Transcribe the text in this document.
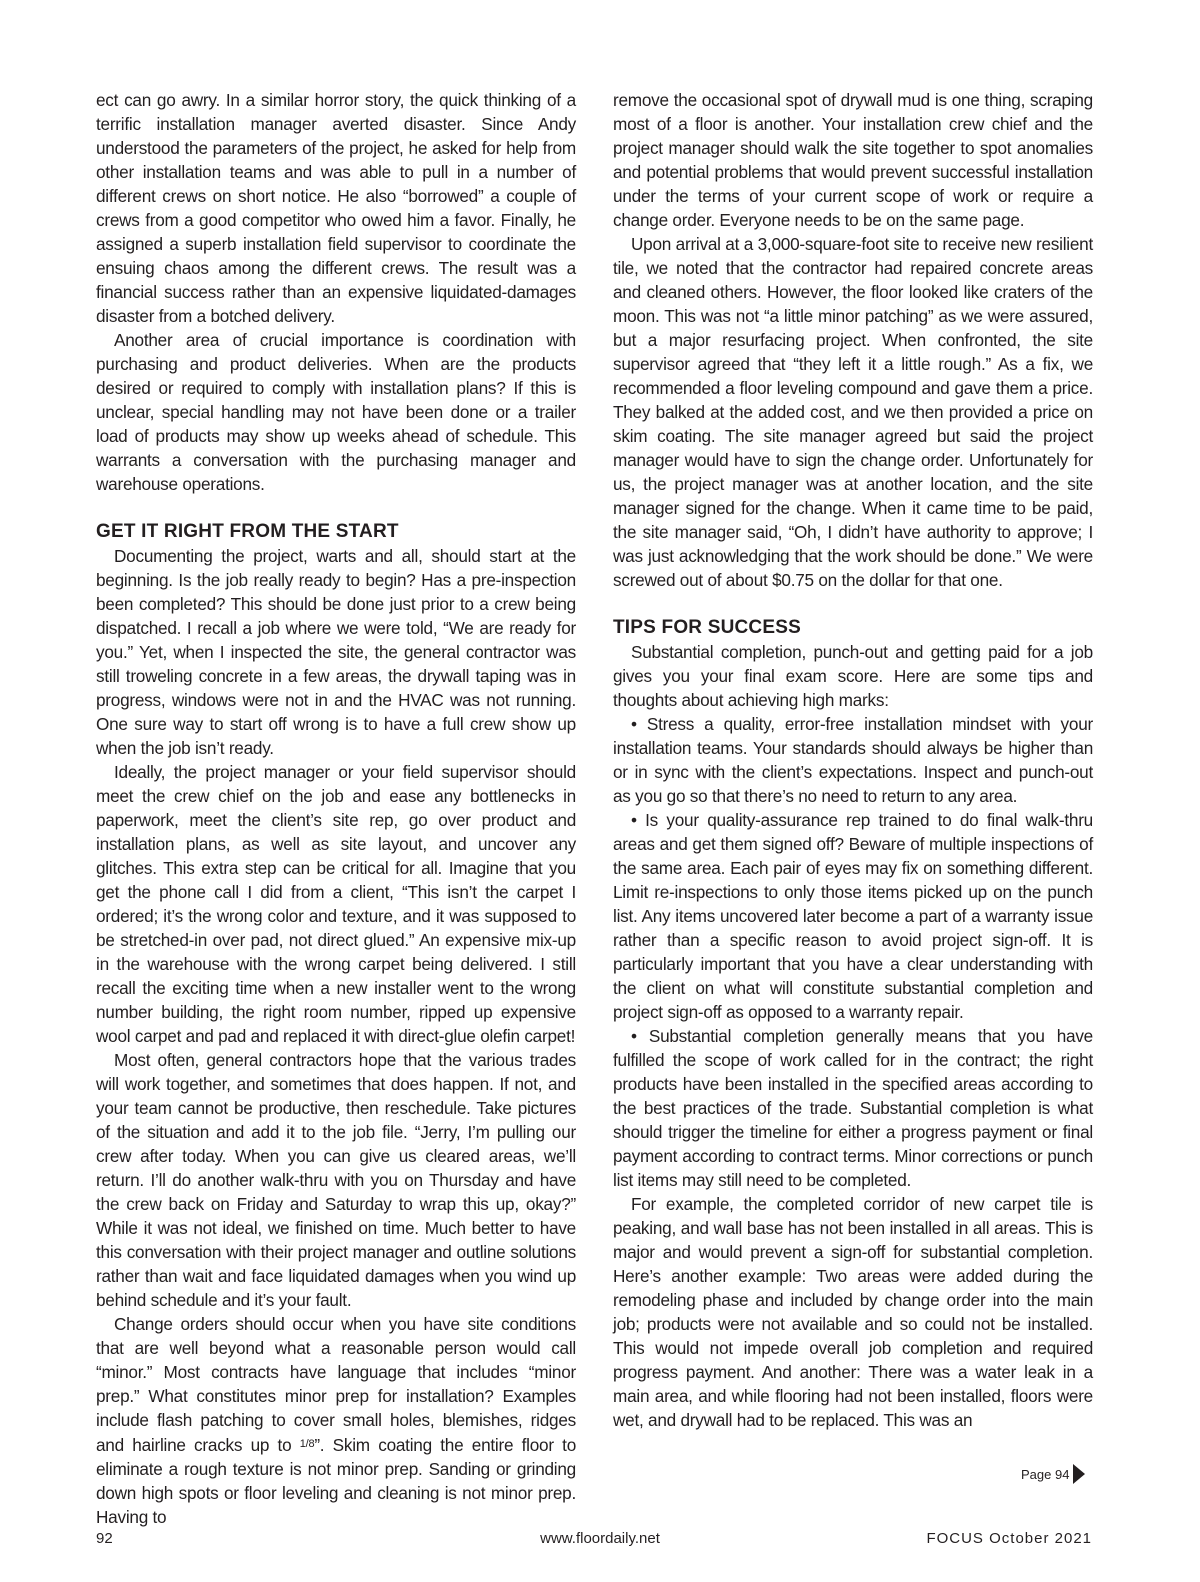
ect can go awry. In a similar horror story, the quick thinking of a terrific installation manager averted disaster. Since Andy understood the parameters of the project, he asked for help from other installation teams and was able to pull in a number of different crews on short notice. He also “borrowed” a couple of crews from a good competitor who owed him a favor. Finally, he assigned a superb installation field supervisor to coordinate the ensuing chaos among the different crews. The result was a financial success rather than an expensive liquidated-damages disaster from a botched delivery.

Another area of crucial importance is coordination with purchasing and product deliveries. When are the products desired or required to comply with installation plans? If this is unclear, special handling may not have been done or a trailer load of products may show up weeks ahead of schedule. This warrants a conversation with the purchasing manager and warehouse operations.

GET IT RIGHT FROM THE START

Documenting the project, warts and all, should start at the beginning. Is the job really ready to begin? Has a pre-inspection been completed? This should be done just prior to a crew being dispatched. I recall a job where we were told, “We are ready for you.” Yet, when I inspected the site, the general contractor was still troweling concrete in a few areas, the drywall taping was in progress, windows were not in and the HVAC was not running. One sure way to start off wrong is to have a full crew show up when the job isn’t ready.

Ideally, the project manager or your field supervisor should meet the crew chief on the job and ease any bottlenecks in paperwork, meet the client’s site rep, go over product and installation plans, as well as site layout, and uncover any glitches. This extra step can be critical for all. Imagine that you get the phone call I did from a client, “This isn’t the carpet I ordered; it’s the wrong color and texture, and it was supposed to be stretched-in over pad, not direct glued.” An expensive mix-up in the warehouse with the wrong carpet being delivered. I still recall the exciting time when a new installer went to the wrong number building, the right room number, ripped up expensive wool carpet and pad and replaced it with direct-glue olefin carpet!

Most often, general contractors hope that the various trades will work together, and sometimes that does happen. If not, and your team cannot be productive, then reschedule. Take pictures of the situation and add it to the job file. “Jerry, I’m pulling our crew after today. When you can give us cleared areas, we’ll return. I’ll do another walk-thru with you on Thursday and have the crew back on Friday and Saturday to wrap this up, okay?” While it was not ideal, we finished on time. Much better to have this conversation with their project manager and outline solutions rather than wait and face liquidated damages when you wind up behind schedule and it’s your fault.

Change orders should occur when you have site conditions that are well beyond what a reasonable person would call “minor.” Most contracts have language that includes “minor prep.” What constitutes minor prep for installation? Examples include flash patching to cover small holes, blemishes, ridges and hairline cracks up to $^{1/8}$”. Skim coating the entire floor to eliminate a rough texture is not minor prep. Sanding or grinding down high spots or floor leveling and cleaning is not minor prep. Having to

remove the occasional spot of drywall mud is one thing, scraping most of a floor is another. Your installation crew chief and the project manager should walk the site together to spot anomalies and potential problems that would prevent successful installation under the terms of your current scope of work or require a change order. Everyone needs to be on the same page.

Upon arrival at a 3,000-square-foot site to receive new resilient tile, we noted that the contractor had repaired concrete areas and cleaned others. However, the floor looked like craters of the moon. This was not “a little minor patching” as we were assured, but a major resurfacing project. When confronted, the site supervisor agreed that “they left it a little rough.” As a fix, we recommended a floor leveling compound and gave them a price. They balked at the added cost, and we then provided a price on skim coating. The site manager agreed but said the project manager would have to sign the change order. Unfortunately for us, the project manager was at another location, and the site manager signed for the change. When it came time to be paid, the site manager said, “Oh, I didn’t have authority to approve; I was just acknowledging that the work should be done.” We were screwed out of about $0.75 on the dollar for that one.

TIPS FOR SUCCESS

Substantial completion, punch-out and getting paid for a job gives you your final exam score. Here are some tips and thoughts about achieving high marks:

• Stress a quality, error-free installation mindset with your installation teams. Your standards should always be higher than or in sync with the client’s expectations. Inspect and punch-out as you go so that there’s no need to return to any area.

• Is your quality-assurance rep trained to do final walk-thru areas and get them signed off? Beware of multiple inspections of the same area. Each pair of eyes may fix on something different. Limit re-inspections to only those items picked up on the punch list. Any items uncovered later become a part of a warranty issue rather than a specific reason to avoid project sign-off. It is particularly important that you have a clear understanding with the client on what will constitute substantial completion and project sign-off as opposed to a warranty repair.

• Substantial completion generally means that you have fulfilled the scope of work called for in the contract; the right products have been installed in the specified areas according to the best practices of the trade. Substantial completion is what should trigger the timeline for either a progress payment or final payment according to contract terms. Minor corrections or punch list items may still need to be completed.

For example, the completed corridor of new carpet tile is peaking, and wall base has not been installed in all areas. This is major and would prevent a sign-off for substantial completion. Here’s another example: Two areas were added during the remodeling phase and included by change order into the main job; products were not available and so could not be installed. This would not impede overall job completion and required progress payment. And another: There was a water leak in a main area, and while flooring had not been installed, floors were wet, and drywall had to be replaced. This was an

Page 94
92	www.floordaily.net	FOCUS October 2021
